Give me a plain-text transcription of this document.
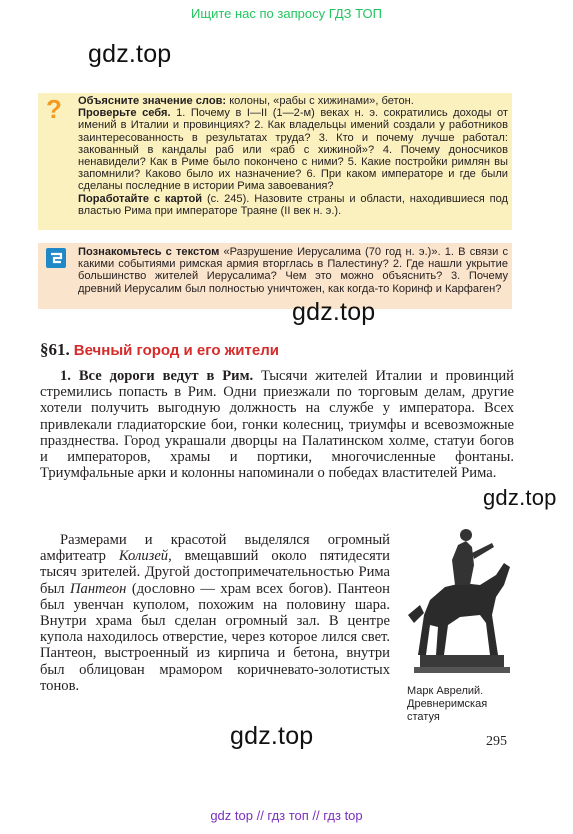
Ищите нас по запросу ГДЗ ТОП
gdz.top
?	Объясните значение слов: колоны, «рабы с хижинами», бетон.

Проверьте себя. 1. Почему в I—II (1—2-м) веках н. э. сократились доходы от имений в Италии и провинциях? 2. Как владельцы имений создали у работников заинтересованность в результатах труда? 3. Кто и почему лучше работал: закованный в кандалы раб или «раб с хижиной»? 4. Почему доносчиков ненавидели? Как в Риме было покончено с ними? 5. Какие постройки римлян вы запомнили? Каково было их назначение? 6. При каком императоре и где были сделаны последние в истории Рима завоевания?

Поработайте с картой (с. 245). Назовите страны и области, находившиеся под властью Рима при императоре Траяне (II век н. э.).

Познакомьтесь с текстом «Разрушение Иерусалима (70 год н. э.)». 1. В связи с какими событиями римская армия вторглась в Палестину? 2. Где нашли укрытие большинство жителей Иерусалима? Чем это можно объяснить? 3. Почему древний Иерусалим был полностью уничтожен, как когда-то Коринф и Карфаген?

gdz.top
§61. Вечный город и его жители

1. Все дороги ведут в Рим. Тысячи жителей Италии и провинций стремились попасть в Рим. Одни приезжали по торговым делам, другие хотели получить выгодную должность на службе у императора. Всех привлекали гладиаторские бои, гонки колесниц, триумфы и всевозможные празднества. Город украшали дворцы на Палатинском холме, статуи богов и императоров, храмы и портики, многочисленные фонтаны. Триумфальные арки и колонны напоминали о победах властителей Рима.

gdz.top

Размерами и красотой выделялся огромный амфитеатр Колизей, вмещавший около пятидесяти тысяч зрителей. Другой достопримечательностью Рима был Пантеон (дословно — храм всех богов). Пантеон был увенчан куполом, похожим на половину шара. Внутри храма был сделан огромный зал. В центре купола находилось отверстие, через которое лился свет. Пантеон, выстроенный из кирпича и бетона, внутри был облицован мрамором коричневато-золотистых тонов.	Марк Аврелий. Древнеримская статуя
gdz.top	295
gdz top // гдз топ // гдз top
